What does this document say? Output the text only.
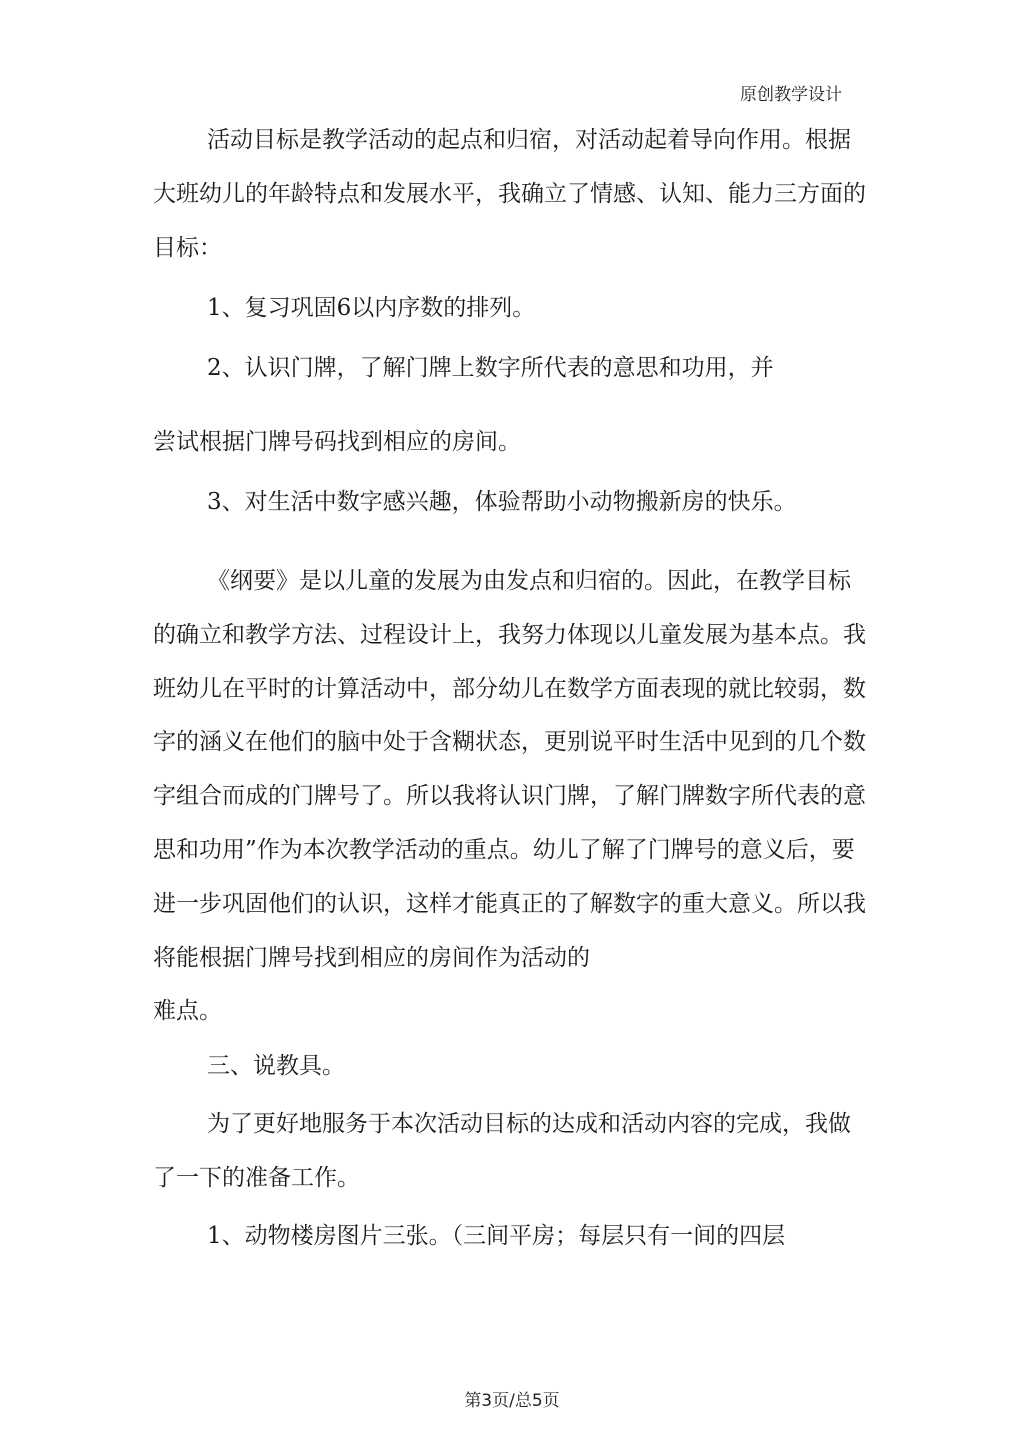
原创教学设计

活动目标是教学活动的起点和归宿，对活动起着导向作用。根据大班幼儿的年龄特点和发展水平，我确立了情感、认知、能力三方面的目标：

1、复习巩固6以内序数的排列。

2、认识门牌，了解门牌上数字所代表的意思和功用，并

尝试根据门牌号码找到相应的房间。

3、对生活中数字感兴趣，体验帮助小动物搬新房的快乐。

《纲要》是以儿童的发展为由发点和归宿的。因此，在教学目标的确立和教学方法、过程设计上，我努力体现以儿童发展为基本点。我班幼儿在平时的计算活动中，部分幼儿在数学方面表现的就比较弱，数字的涵义在他们的脑中处于含糊状态，更别说平时生活中见到的几个数字组合而成的门牌号了。所以我将认识门牌，了解门牌数字所代表的意思和功用”作为本次教学活动的重点。幼儿了解了门牌号的意义后，要进一步巩固他们的认识，这样才能真正的了解数字的重大意义。所以我将能根据门牌号找到相应的房间作为活动的

难点。

三、说教具。

为了更好地服务于本次活动目标的达成和活动内容的完成，我做了一下的准备工作。

1、动物楼房图片三张。（三间平房；每层只有一间的四层

第3页/总5页
